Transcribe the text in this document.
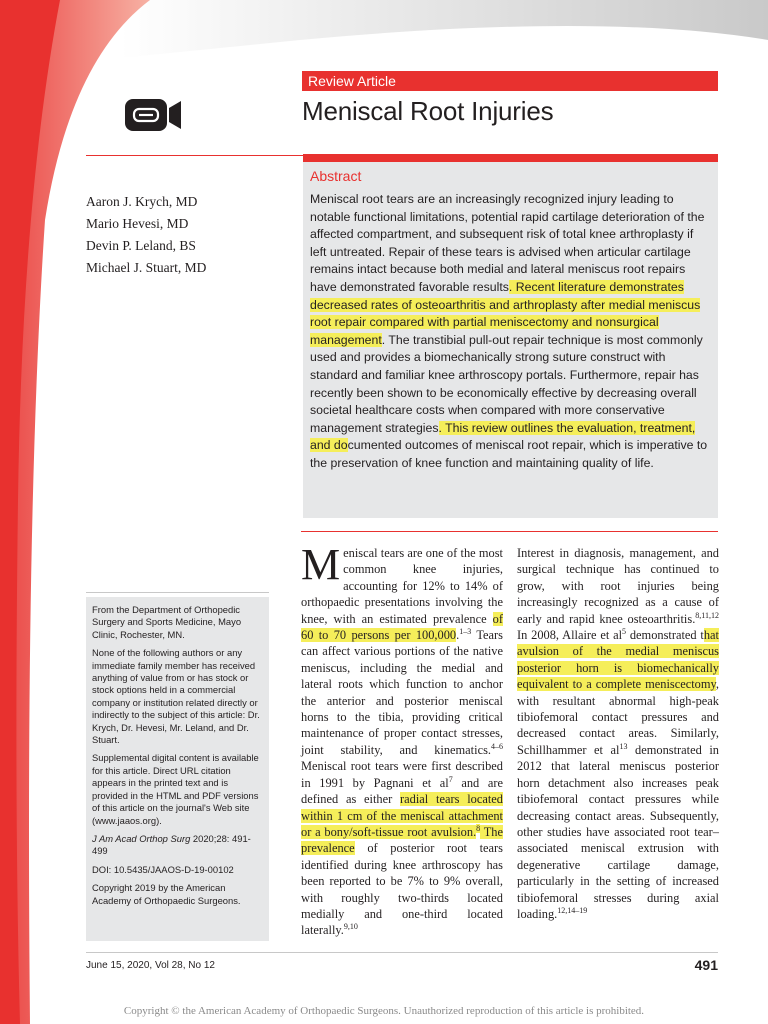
Review Article
Meniscal Root Injuries
Aaron J. Krych, MD
Mario Hevesi, MD
Devin P. Leland, BS
Michael J. Stuart, MD
Abstract
Meniscal root tears are an increasingly recognized injury leading to notable functional limitations, potential rapid cartilage deterioration of the affected compartment, and subsequent risk of total knee arthroplasty if left untreated. Repair of these tears is advised when articular cartilage remains intact because both medial and lateral meniscus root repairs have demonstrated favorable results. Recent literature demonstrates decreased rates of osteoarthritis and arthroplasty after medial meniscus root repair compared with partial meniscectomy and nonsurgical management. The transtibial pull-out repair technique is most commonly used and provides a biomechanically strong suture construct with standard and familiar knee arthroscopy portals. Furthermore, repair has recently been shown to be economically effective by decreasing overall societal healthcare costs when compared with more conservative management strategies. This review outlines the evaluation, treatment, and documented outcomes of meniscal root repair, which is imperative to the preservation of knee function and maintaining quality of life.

From the Department of Orthopedic Surgery and Sports Medicine, Mayo Clinic, Rochester, MN.

None of the following authors or any immediate family member has received anything of value from or has stock or stock options held in a commercial company or institution related directly or indirectly to the subject of this article: Dr. Krych, Dr. Hevesi, Mr. Leland, and Dr. Stuart.

Supplemental digital content is available for this article. Direct URL citation appears in the printed text and is provided in the HTML and PDF versions of this article on the journal's Web site (www.jaaos.org).

J Am Acad Orthop Surg 2020;28: 491-499

DOI: 10.5435/JAAOS-D-19-00102

Copyright 2019 by the American Academy of Orthopaedic Surgeons.

Meniscal tears are one of the most common knee injuries, accounting for 12% to 14% of orthopaedic presentations involving the knee, with an estimated prevalence of 60 to 70 persons per 100,000.$^{1-3}$ Tears can affect various portions of the native meniscus, including the medial and lateral roots which function to anchor the anterior and posterior meniscal horns to the tibia, providing critical maintenance of proper contact stresses, joint stability, and kinematics.$^{4-6}$ Meniscal root tears were first described in 1991 by Pagnani et $al^7$ and are defined as either radial tears located within 1 cm of the meniscal attachment or a bony/soft-tissue root avulsion.$^8$ The prevalence of posterior root tears identified during knee arthroscopy has been reported to be 7% to 9% overall, with roughly two-thirds located medially and one-third located laterally.$^{9,10}$
Interest in diagnosis, management, and surgical technique has continued to grow, with root injuries being increasingly recognized as a cause of early and rapid knee osteoarthritis.$^{8,11,12}$ In 2008, Allaire et $al^5$ demonstrated that avulsion of the medial meniscus posterior horn is biomechanically equivalent to a complete meniscectomy, with resultant abnormal high-peak tibiofemoral contact pressures and decreased contact areas. Similarly, Schillhammer et $al^{13}$ demonstrated in 2012 that lateral meniscus posterior horn detachment also increases peak tibiofemoral contact pressures while decreasing contact areas. Subsequently, other studies have associated root tear–associated meniscal extrusion with degenerative cartilage damage, particularly in the setting of increased tibiofemoral stresses during axial loading.$^{12,14-19}$
June 15, 2020, Vol 28, No 12	491
Copyright © the American Academy of Orthopaedic Surgeons. Unauthorized reproduction of this article is prohibited.
